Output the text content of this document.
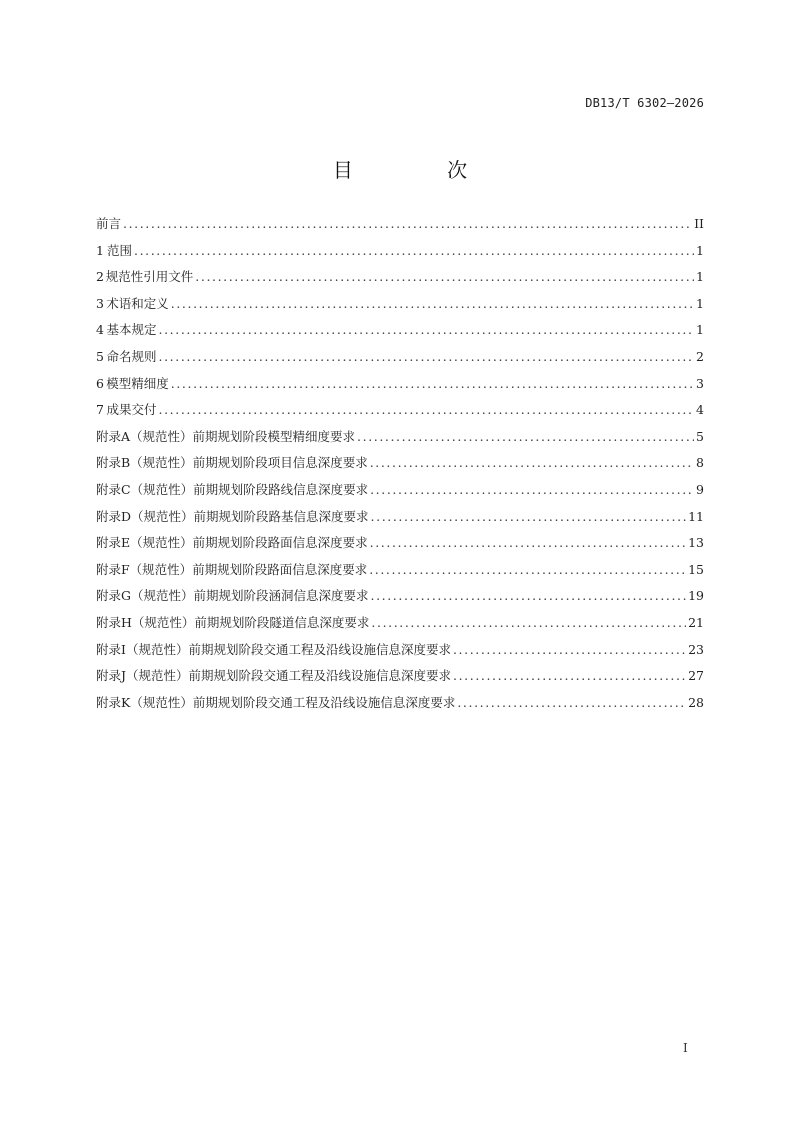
DB13/T 6302—2026
目 次
前言 .....	II
1 范围 .....	1
2 规范性引用文件 .....	1
3 术语和定义 .....	1
4 基本规定 .....	1
5 命名规则 .....	2
6 模型精细度 .....	3
7 成果交付 .....	4
附录A（规范性） 前期规划阶段模型精细度要求 .....	5
附录B（规范性） 前期规划阶段项目信息深度要求 .....	8
附录C（规范性） 前期规划阶段路线信息深度要求 .....	9
附录D（规范性） 前期规划阶段路基信息深度要求 .....	11
附录E（规范性） 前期规划阶段路面信息深度要求 .....	13
附录F（规范性） 前期规划阶段路面信息深度要求 .....	15
附录G（规范性） 前期规划阶段涵洞信息深度要求 .....	19
附录H（规范性） 前期规划阶段隧道信息深度要求 .....	21
附录I（规范性） 前期规划阶段交通工程及沿线设施信息深度要求 .....	23
附录J（规范性） 前期规划阶段交通工程及沿线设施信息深度要求 .....	27
附录K（规范性） 前期规划阶段交通工程及沿线设施信息深度要求 .....	28
I
